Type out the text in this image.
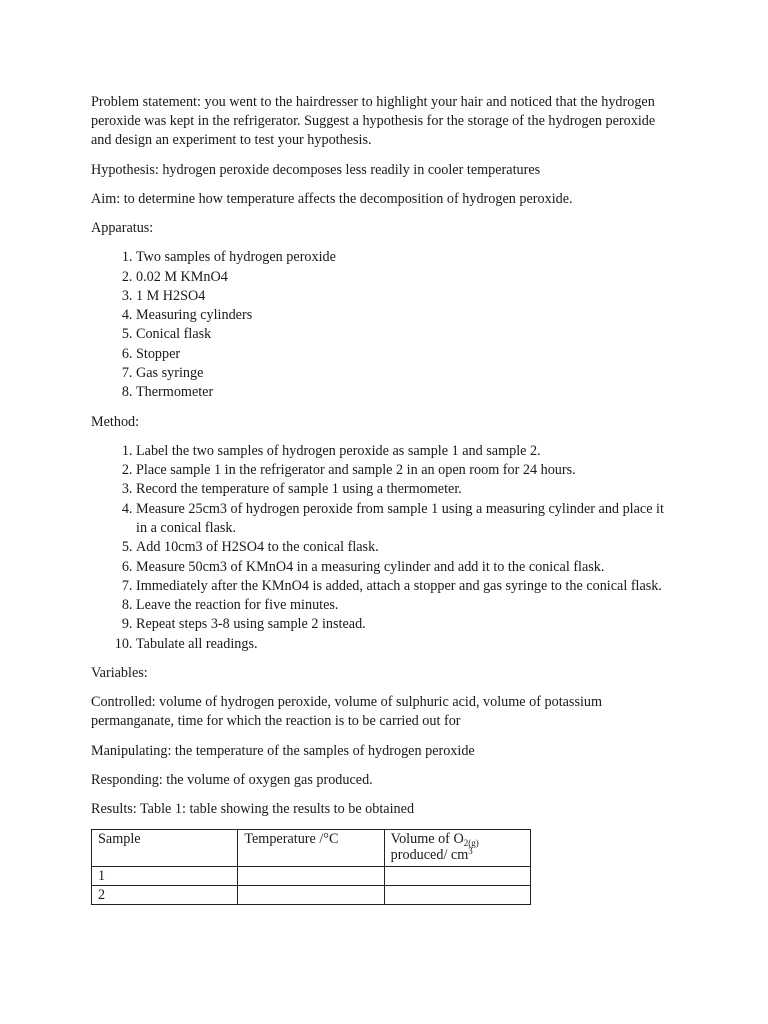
Problem statement: you went to the hairdresser to highlight your hair and noticed that the hydrogen peroxide was kept in the refrigerator. Suggest a hypothesis for the storage of the hydrogen peroxide and design an experiment to test your hypothesis.

Hypothesis: hydrogen peroxide decomposes less readily in cooler temperatures

Aim: to determine how temperature affects the decomposition of hydrogen peroxide.

Apparatus:

1. Two samples of hydrogen peroxide
2. 0.02 M KMnO4
3. 1 M H2SO4
4. Measuring cylinders
5. Conical flask
6. Stopper
7. Gas syringe
8. Thermometer

Method:

1. Label the two samples of hydrogen peroxide as sample 1 and sample 2.
2. Place sample 1 in the refrigerator and sample 2 in an open room for 24 hours.
3. Record the temperature of sample 1 using a thermometer.
4. Measure 25cm3 of hydrogen peroxide from sample 1 using a measuring cylinder and place it in a conical flask.
5. Add 10cm3 of H2SO4 to the conical flask.
6. Measure 50cm3 of KMnO4 in a measuring cylinder and add it to the conical flask.
7. Immediately after the KMnO4 is added, attach a stopper and gas syringe to the conical flask.
8. Leave the reaction for five minutes.
9. Repeat steps 3-8 using sample 2 instead.
10. Tabulate all readings.

Variables:

Controlled: volume of hydrogen peroxide, volume of sulphuric acid, volume of potassium permanganate, time for which the reaction is to be carried out for

Manipulating: the temperature of the samples of hydrogen peroxide

Responding: the volume of oxygen gas produced.

Results: Table 1: table showing the results to be obtained

Sample	Temperature /°C	Volume of $O_{2(g)}$
produced/ $cm^3$
1		
2		
